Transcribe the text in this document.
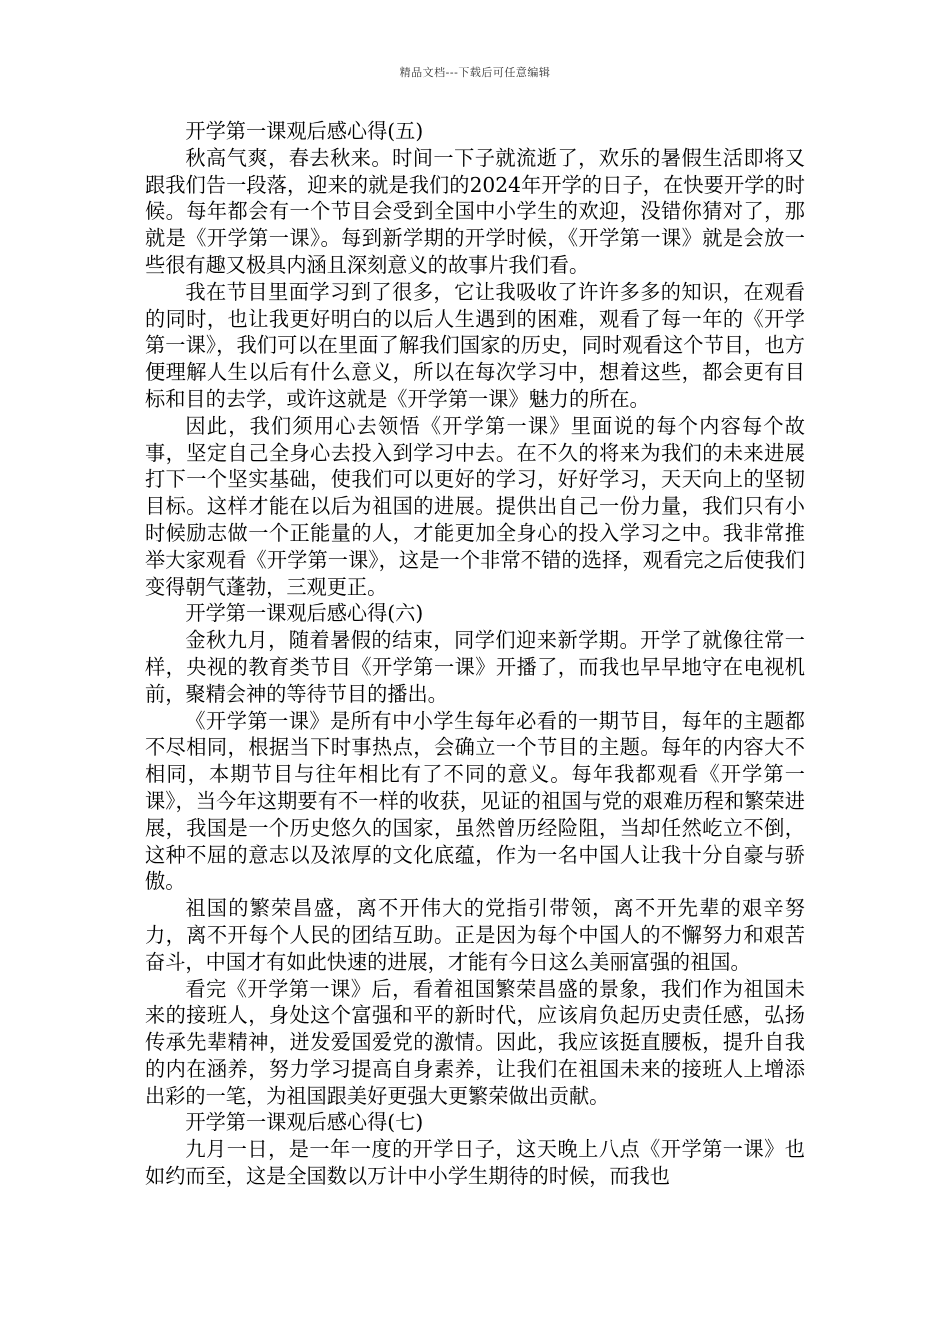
精品文档---下载后可任意编辑

开学第一课观后感心得(五)

秋高气爽，春去秋来。时间一下子就流逝了，欢乐的暑假生活即将又跟我们告一段落，迎来的就是我们的2024年开学的日子，在快要开学的时候。每年都会有一个节目会受到全国中小学生的欢迎，没错你猜对了，那就是《开学第一课》。每到新学期的开学时候，《开学第一课》就是会放一些很有趣又极具内涵且深刻意义的故事片我们看。

我在节目里面学习到了很多，它让我吸收了许许多多的知识，在观看的同时，也让我更好明白的以后人生遇到的困难，观看了每一年的《开学第一课》，我们可以在里面了解我们国家的历史，同时观看这个节目，也方便理解人生以后有什么意义，所以在每次学习中，想着这些，都会更有目标和目的去学，或许这就是《开学第一课》魅力的所在。

因此，我们须用心去领悟《开学第一课》里面说的每个内容每个故事，坚定自己全身心去投入到学习中去。在不久的将来为我们的未来进展打下一个坚实基础，使我们可以更好的学习，好好学习，天天向上的坚韧目标。这样才能在以后为祖国的进展。提供出自己一份力量，我们只有小时候励志做一个正能量的人，才能更加全身心的投入学习之中。我非常推举大家观看《开学第一课》，这是一个非常不错的选择，观看完之后使我们变得朝气蓬勃，三观更正。

开学第一课观后感心得(六)

金秋九月，随着暑假的结束，同学们迎来新学期。开学了就像往常一样，央视的教育类节目《开学第一课》开播了，而我也早早地守在电视机前，聚精会神的等待节目的播出。

《开学第一课》是所有中小学生每年必看的一期节目，每年的主题都不尽相同，根据当下时事热点，会确立一个节目的主题。每年的内容大不相同，本期节目与往年相比有了不同的意义。每年我都观看《开学第一课》，当今年这期要有不一样的收获，见证的祖国与党的艰难历程和繁荣进展，我国是一个历史悠久的国家，虽然曾历经险阻，当却任然屹立不倒，这种不屈的意志以及浓厚的文化底蕴，作为一名中国人让我十分自豪与骄傲。

祖国的繁荣昌盛，离不开伟大的党指引带领，离不开先辈的艰辛努力，离不开每个人民的团结互助。正是因为每个中国人的不懈努力和艰苦奋斗，中国才有如此快速的进展，才能有今日这么美丽富强的祖国。

看完《开学第一课》后，看着祖国繁荣昌盛的景象，我们作为祖国未来的接班人，身处这个富强和平的新时代，应该肩负起历史责任感，弘扬传承先辈精神，迸发爱国爱党的激情。因此，我应该挺直腰板，提升自我的内在涵养，努力学习提高自身素养，让我们在祖国未来的接班人上增添出彩的一笔，为祖国跟美好更强大更繁荣做出贡献。

开学第一课观后感心得(七)

九月一日，是一年一度的开学日子，这天晚上八点《开学第一课》也如约而至，这是全国数以万计中小学生期待的时候，而我也
